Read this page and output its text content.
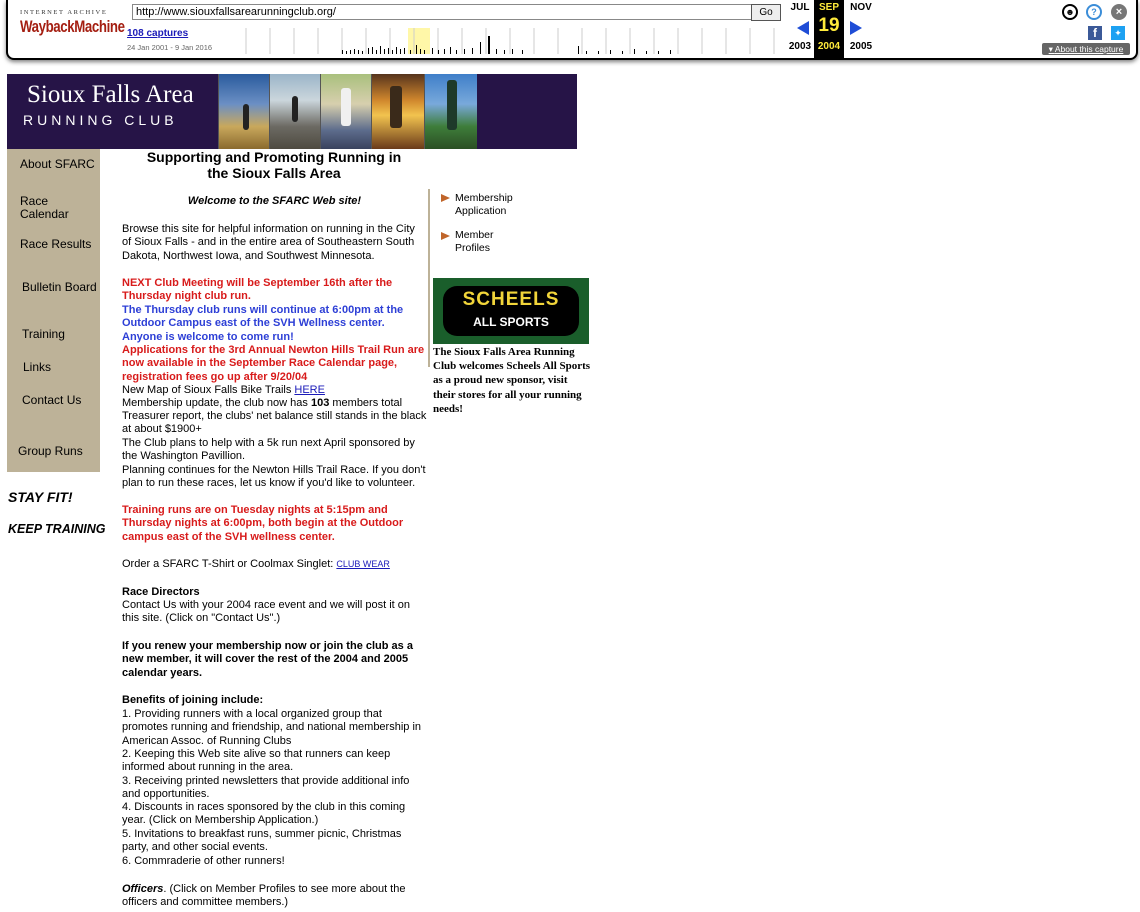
INTERNET ARCHIVE
WaybackMachine
http://www.siouxfallsarearunningclub.org/	Go
108 captures
24 Jan 2001 - 9 Jan 2016
JUL
2003
SEP
19
2004
NOV
2005
☻	?	×
f	✦
▾ About this capture
Sioux Falls Area
RUNNING CLUB
About SFARC
Race Calendar
Race Results
Bulletin Board
Training
Links
Contact Us
Group Runs
STAY FIT!
KEEP TRAINING
Supporting and Promoting Running in the Sioux Falls Area
Welcome to the SFARC Web site!
Browse this site for helpful information on running in the City of Sioux Falls - and in the entire area of Southeastern South Dakota, Northwest Iowa, and Southwest Minnesota.
NEXT Club Meeting will be September 16th after the Thursday night club run.
The Thursday club runs will continue at 6:00pm at the Outdoor Campus east of the SVH Wellness center. Anyone is welcome to come run!
Applications for the 3rd Annual Newton Hills Trail Run are now available in the September Race Calendar page, registration fees go up after 9/20/04
New Map of Sioux Falls Bike Trails HERE
Membership update, the club now has 103 members total
Treasurer report, the clubs' net balance still stands in the black at about $1900+
The Club plans to help with a 5k run next April sponsored by the Washington Pavillion.
Planning continues for the Newton Hills Trail Race. If you don't plan to run these races, let us know if you'd like to volunteer.
Training runs are on Tuesday nights at 5:15pm and Thursday nights at 6:00pm, both begin at the Outdoor campus east of the SVH wellness center.
Order a SFARC T-Shirt or Coolmax Singlet: CLUB WEAR
Race Directors
Contact Us with your 2004 race event and we will post it on this site. (Click on "Contact Us".)
If you renew your membership now or join the club as a new member, it will cover the rest of the 2004 and 2005 calendar years.
Benefits of joining include:
1. Providing runners with a local organized group that promotes running and friendship, and national membership in American Assoc. of Running Clubs
2. Keeping this Web site alive so that runners can keep informed about running in the area.
3. Receiving printed newsletters that provide additional info and opportunities.
4. Discounts in races sponsored by the club in this coming year. (Click on Membership Application.)
5. Invitations to breakfast runs, summer picnic, Christmas party, and other social events.
6. Commraderie of other runners!
Officers. (Click on Member Profiles to see more about the officers and committee members.)
Membership Application
Member Profiles
SCHEELS
ALL SPORTS
The Sioux Falls Area Running Club welcomes Scheels All Sports as a proud new sponsor, visit their stores for all your running needs!
